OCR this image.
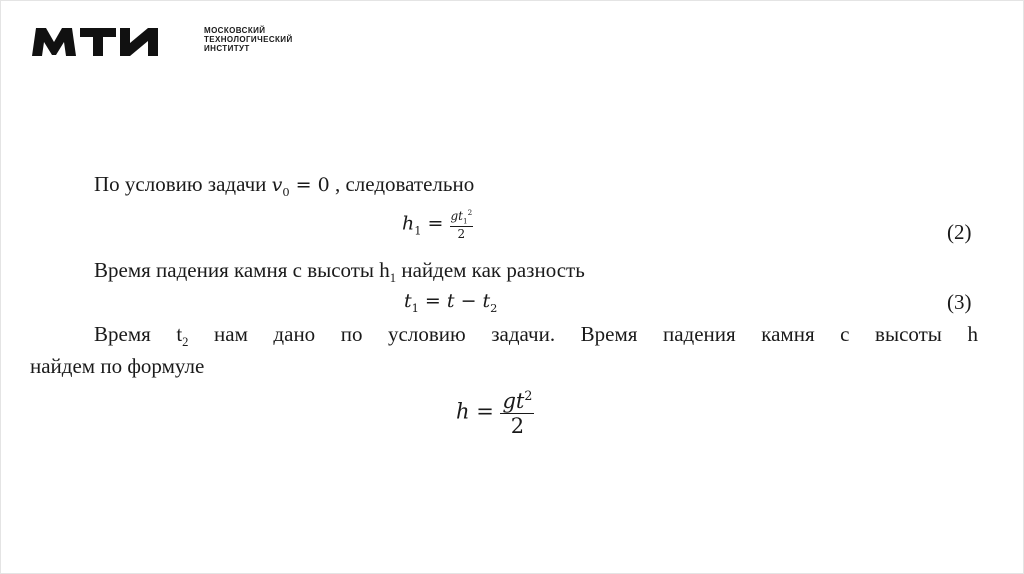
МОСКОВСКИЙ
ТЕХНОЛОГИЧЕСКИЙ
ИНСТИТУТ
По условию задачи $v_0 = 0$ , следовательно
$h_1 = \frac{gt_1^2}{2}$	(2)
Время падения камня с высоты $h_1$ найдем как разность
$t_1 = t - t_2$	(3)
Время $t_2$ нам дано по условию задачи. Время падения камня с высоты h
найдем по формуле
$h = \frac{gt^2}{2}$
